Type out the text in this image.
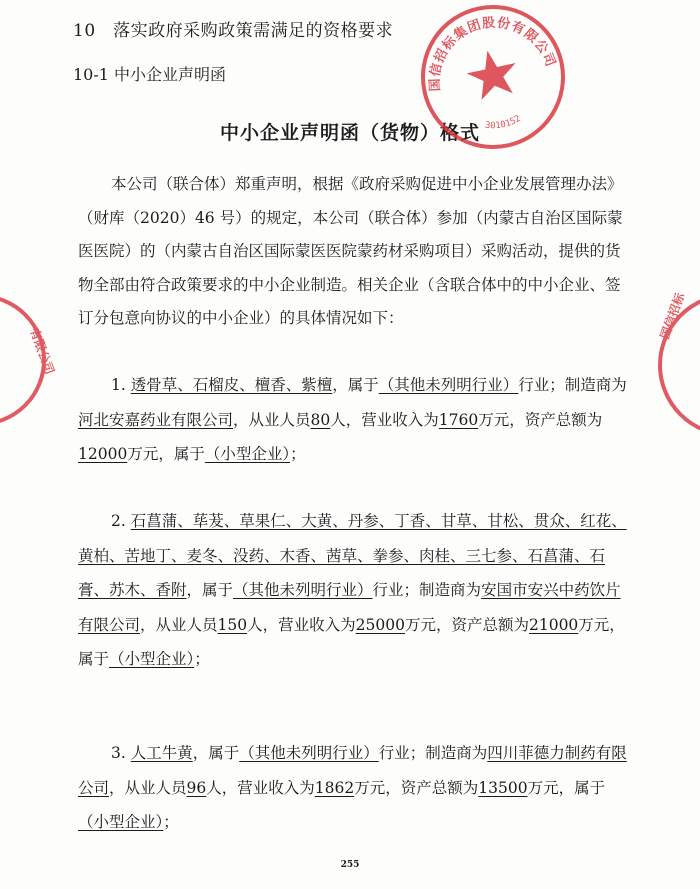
10　落实政府采购政策需满足的资格要求
10-1 中小企业声明函
中小企业声明函（货物）格式
本公司（联合体）郑重声明，根据《政府采购促进中小企业发展管理办法》（财库（2020）46 号）的规定，本公司（联合体）参加（内蒙古自治区国际蒙医医院）的（内蒙古自治区国际蒙医医院蒙药材采购项目）采购活动，提供的货物全部由符合政策要求的中小企业制造。相关企业（含联合体中的中小企业、签订分包意向协议的中小企业）的具体情况如下：
1. 透骨草、石榴皮、檀香、紫檀，属于（其他未列明行业）行业；制造商为河北安嘉药业有限公司，从业人员80人，营业收入为1760万元，资产总额为12000万元，属于（小型企业）；
2. 石菖蒲、荜茇、草果仁、大黄、丹参、丁香、甘草、甘松、贯众、红花、黄柏、苦地丁、麦冬、没药、木香、茜草、拳参、肉桂、三七参、石菖蒲、石膏、苏木、香附，属于（其他未列明行业）行业；制造商为安国市安兴中药饮片有限公司，从业人员150人，营业收入为25000万元，资产总额为21000万元，属于（小型企业）；
3. 人工牛黄，属于（其他未列明行业）行业；制造商为四川菲德力制药有限公司，从业人员96人，营业收入为1862万元，资产总额为13500万元，属于（小型企业）；
255
国信招标集团股份有限公司
3010152
有限公司
国信招标
